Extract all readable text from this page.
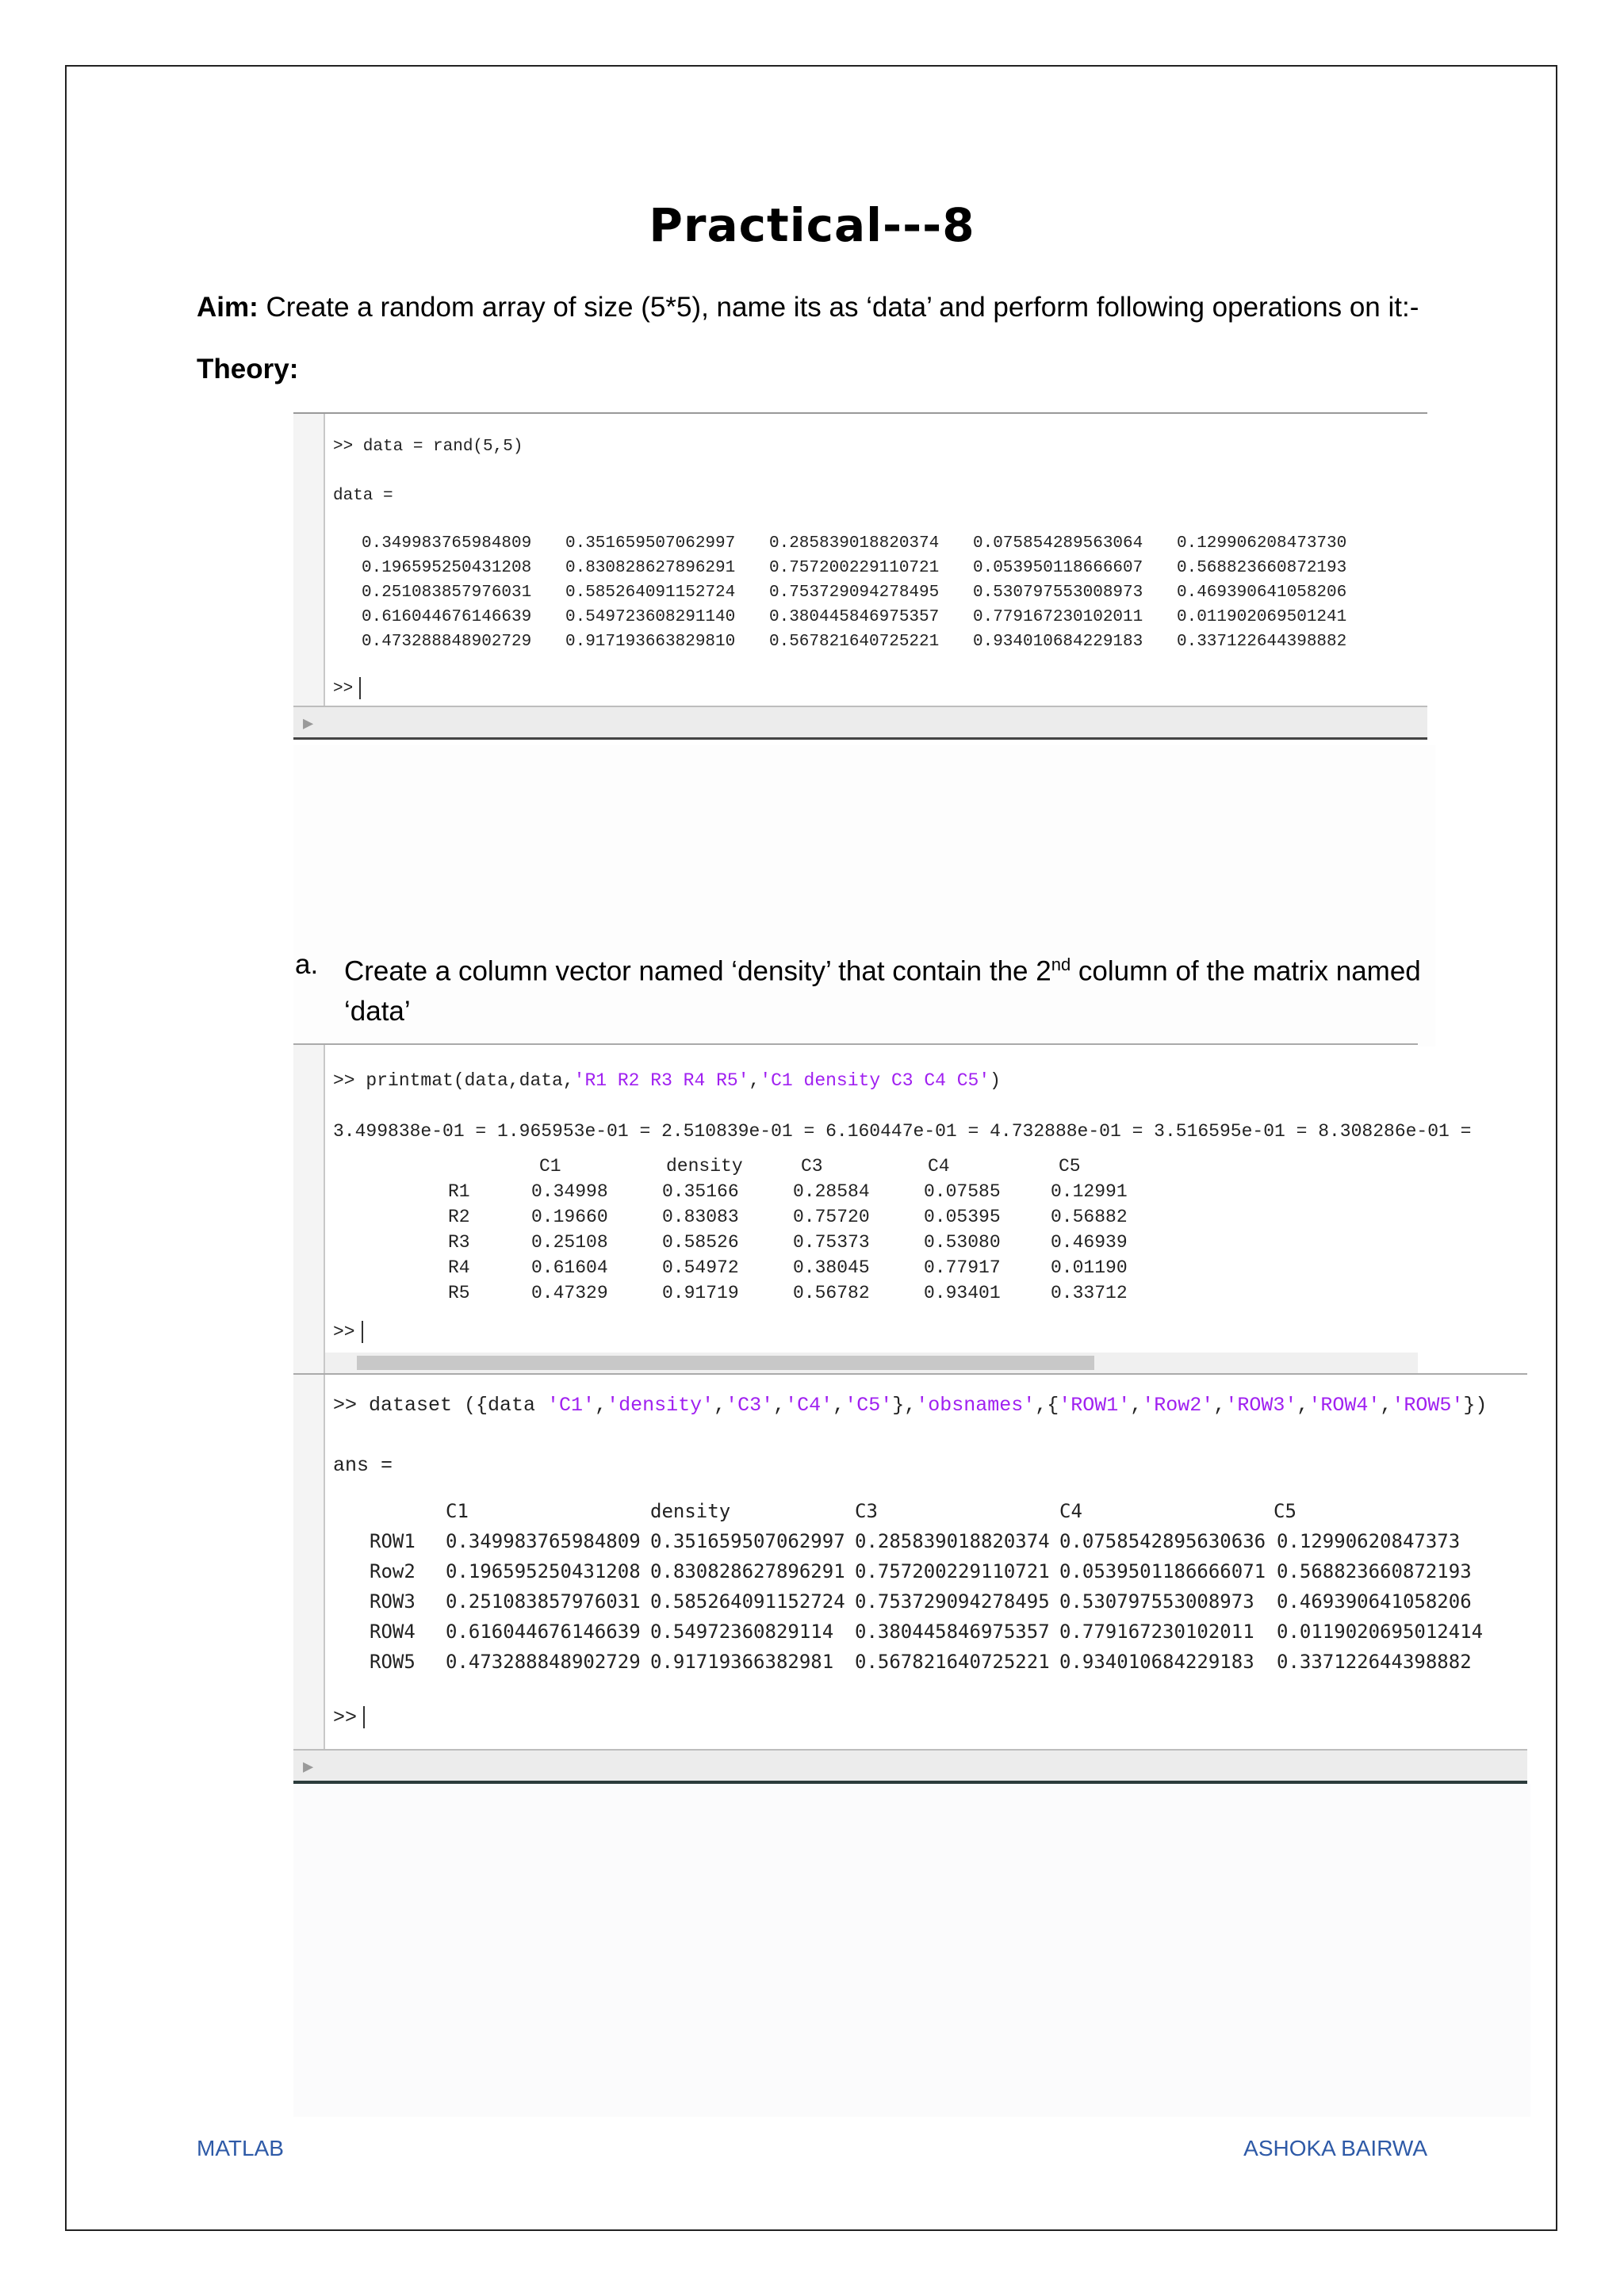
Practical---8
Aim: Create a random array of size (5*5), name its as ‘data’ and perform following operations on it:-
Theory:
>> data = rand(5,5)
data =
0.349983765984809	0.351659507062997	0.285839018820374	0.075854289563064	0.129906208473730
0.196595250431208	0.830828627896291	0.757200229110721	0.053950118666607	0.568823660872193
0.251083857976031	0.585264091152724	0.753729094278495	0.530797553008973	0.469390641058206
0.616044676146639	0.549723608291140	0.380445846975357	0.779167230102011	0.011902069501241
0.473288848902729	0.917193663829810	0.567821640725221	0.934010684229183	0.337122644398882
>>
▶
a. Create a column vector named ‘density’ that contain the 2nd column of the matrix named ‘data’
>> printmat(data,data,'R1 R2 R3 R4 R5','C1 density C3 C4 C5')
3.499838e-01 = 1.965953e-01 = 2.510839e-01 = 6.160447e-01 = 4.732888e-01 = 3.516595e-01 = 8.308286e-01 =
C1	density	C3	C4	C5
R1	0.34998	0.35166	0.28584	0.07585	0.12991
R2	0.19660	0.83083	0.75720	0.05395	0.56882
R3	0.25108	0.58526	0.75373	0.53080	0.46939
R4	0.61604	0.54972	0.38045	0.77917	0.01190
R5	0.47329	0.91719	0.56782	0.93401	0.33712
>>
>> dataset ({data 'C1','density','C3','C4','C5'},'obsnames',{'ROW1','Row2','ROW3','ROW4','ROW5'})
ans =
C1	density	C3	C4	C5
ROW1 0.349983765984809 0.351659507062997 0.285839018820374 0.0758542895630636 0.12990620847373
Row2 0.196595250431208 0.830828627896291 0.757200229110721 0.0539501186666071 0.568823660872193
ROW3 0.251083857976031 0.585264091152724 0.753729094278495 0.530797553008973 0.469390641058206
ROW4 0.616044676146639 0.54972360829114 0.380445846975357 0.779167230102011 0.0119020695012414
ROW5 0.473288848902729 0.91719366382981 0.567821640725221 0.934010684229183 0.337122644398882
>>
▶
MATLAB	ASHOKA BAIRWA
